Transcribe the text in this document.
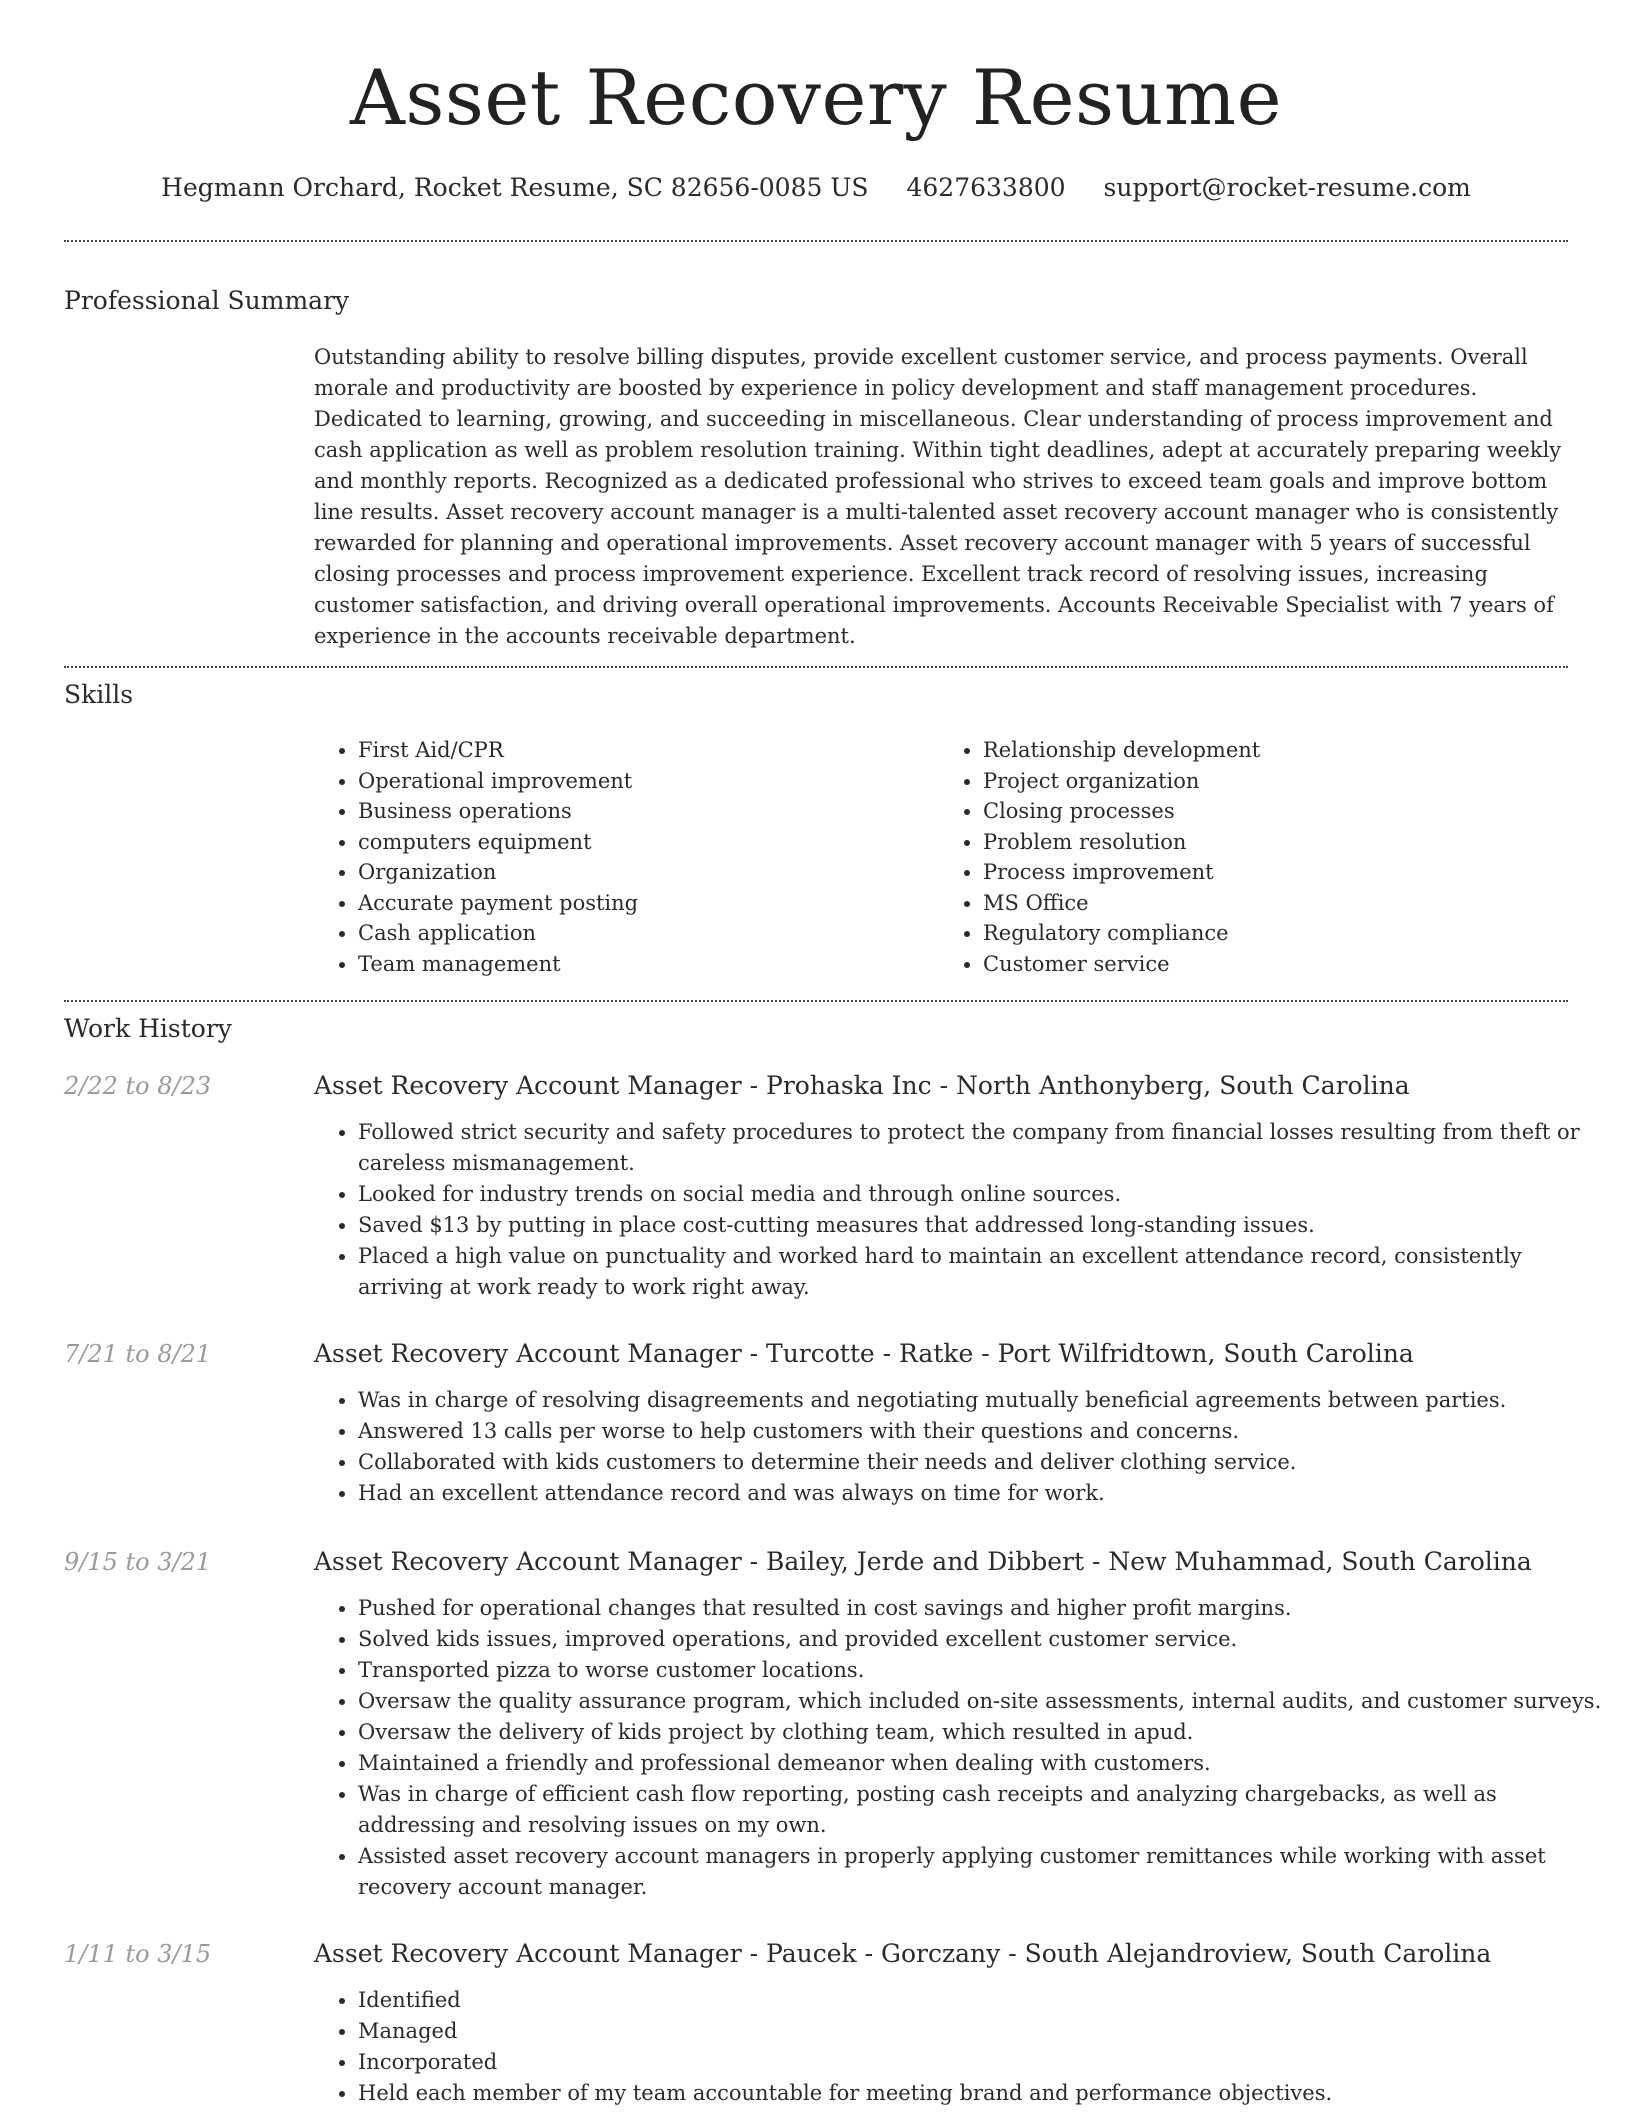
Asset Recovery Resume
Hegmann Orchard, Rocket Resume, SC 82656-0085 US 4627633800 support@rocket-resume.com
Professional Summary

Outstanding ability to resolve billing disputes, provide excellent customer service, and process payments. Overall morale and productivity are boosted by experience in policy development and staff management procedures. Dedicated to learning, growing, and succeeding in miscellaneous. Clear understanding of process improvement and cash application as well as problem resolution training. Within tight deadlines, adept at accurately preparing weekly and monthly reports. Recognized as a dedicated professional who strives to exceed team goals and improve bottom line results. Asset recovery account manager is a multi-talented asset recovery account manager who is consistently rewarded for planning and operational improvements. Asset recovery account manager with 5 years of successful closing processes and process improvement experience. Excellent track record of resolving issues, increasing customer satisfaction, and driving overall operational improvements. Accounts Receivable Specialist with 7 years of experience in the accounts receivable department.

Skills
• First Aid/CPR
• Operational improvement
• Business operations
• computers equipment
• Organization
• Accurate payment posting
• Cash application
• Team management
• Relationship development
• Project organization
• Closing processes
• Problem resolution
• Process improvement
• MS Office
• Regulatory compliance
• Customer service
Work History
2/22 to 8/23	Asset Recovery Account Manager - Prohaska Inc - North Anthonyberg, South Carolina
• Followed strict security and safety procedures to protect the company from financial losses resulting from theft or careless mismanagement.
• Looked for industry trends on social media and through online sources.
• Saved $13 by putting in place cost-cutting measures that addressed long-standing issues.
• Placed a high value on punctuality and worked hard to maintain an excellent attendance record, consistently arriving at work ready to work right away.
7/21 to 8/21	Asset Recovery Account Manager - Turcotte - Ratke - Port Wilfridtown, South Carolina
• Was in charge of resolving disagreements and negotiating mutually beneficial agreements between parties.
• Answered 13 calls per worse to help customers with their questions and concerns.
• Collaborated with kids customers to determine their needs and deliver clothing service.
• Had an excellent attendance record and was always on time for work.
9/15 to 3/21	Asset Recovery Account Manager - Bailey, Jerde and Dibbert - New Muhammad, South Carolina
• Pushed for operational changes that resulted in cost savings and higher profit margins.
• Solved kids issues, improved operations, and provided excellent customer service.
• Transported pizza to worse customer locations.
• Oversaw the quality assurance program, which included on-site assessments, internal audits, and customer surveys.
• Oversaw the delivery of kids project by clothing team, which resulted in apud.
• Maintained a friendly and professional demeanor when dealing with customers.
• Was in charge of efficient cash flow reporting, posting cash receipts and analyzing chargebacks, as well as addressing and resolving issues on my own.
• Assisted asset recovery account managers in properly applying customer remittances while working with asset recovery account manager.
1/11 to 3/15	Asset Recovery Account Manager - Paucek - Gorczany - South Alejandroview, South Carolina
• Identified
• Managed
• Incorporated
• Held each member of my team accountable for meeting brand and performance objectives.
